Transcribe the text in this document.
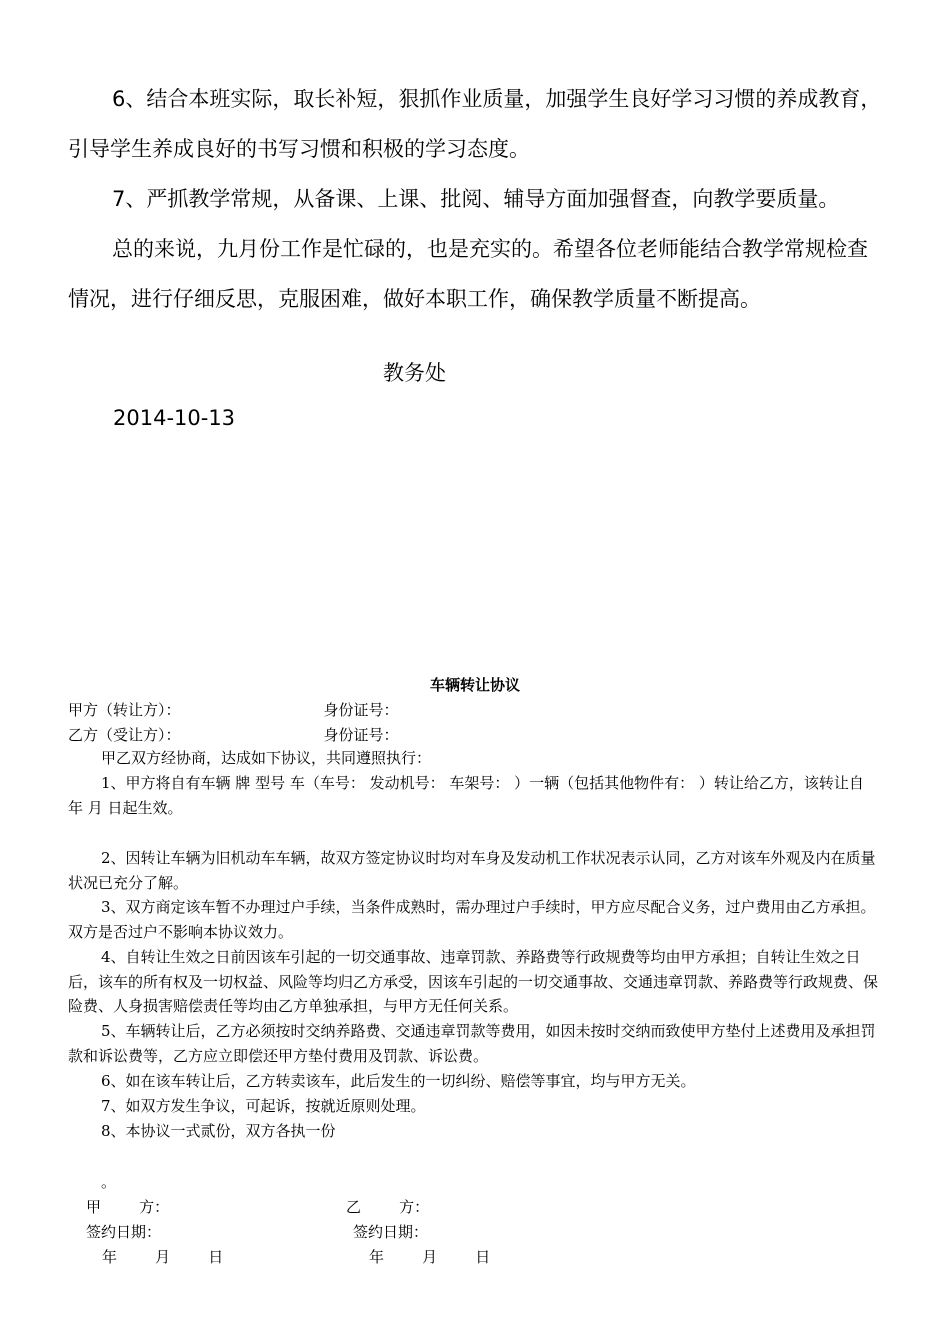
6、结合本班实际，取长补短，狠抓作业质量，加强学生良好学习习惯的养成教育，引导学生养成良好的书写习惯和积极的学习态度。

7、严抓教学常规，从备课、上课、批阅、辅导方面加强督查，向教学要质量。

总的来说，九月份工作是忙碌的，也是充实的。希望各位老师能结合教学常规检查情况，进行仔细反思，克服困难，做好本职工作，确保教学质量不断提高。

教务处
2014-10-13
车辆转让协议
甲方（转让方）：                              身份证号：
乙方（受让方）：                              身份证号：

甲乙双方经协商，达成如下协议，共同遵照执行：

1、甲方将自有车辆 牌 型号 车（车号： 发动机号： 车架号： ）一辆（包括其他物件有： ）转让给乙方，该转让自 年 月 日起生效。

2、因转让车辆为旧机动车车辆，故双方签定协议时均对车身及发动机工作状况表示认同，乙方对该车外观及内在质量状况已充分了解。

3、双方商定该车暂不办理过户手续，当条件成熟时，需办理过户手续时，甲方应尽配合义务，过户费用由乙方承担。双方是否过户不影响本协议效力。

4、自转让生效之日前因该车引起的一切交通事故、违章罚款、养路费等行政规费等均由甲方承担；自转让生效之日后，该车的所有权及一切权益、风险等均归乙方承受，因该车引起的一切交通事故、交通违章罚款、养路费等行政规费、保险费、人身损害赔偿责任等均由乙方单独承担，与甲方无任何关系。

5、车辆转让后，乙方必须按时交纳养路费、交通违章罚款等费用，如因未按时交纳而致使甲方垫付上述费用及承担罚款和诉讼费等，乙方应立即偿还甲方垫付费用及罚款、诉讼费。

6、如在该车转让后，乙方转卖该车，此后发生的一切纠纷、赔偿等事宜，均与甲方无关。

7、如双方发生争议，可起诉，按就近原则处理。

8、本协议一式贰份，双方各执一份

。
甲        方：	乙        方：
签约日期：	签约日期：
年        月        日	年        月        日
